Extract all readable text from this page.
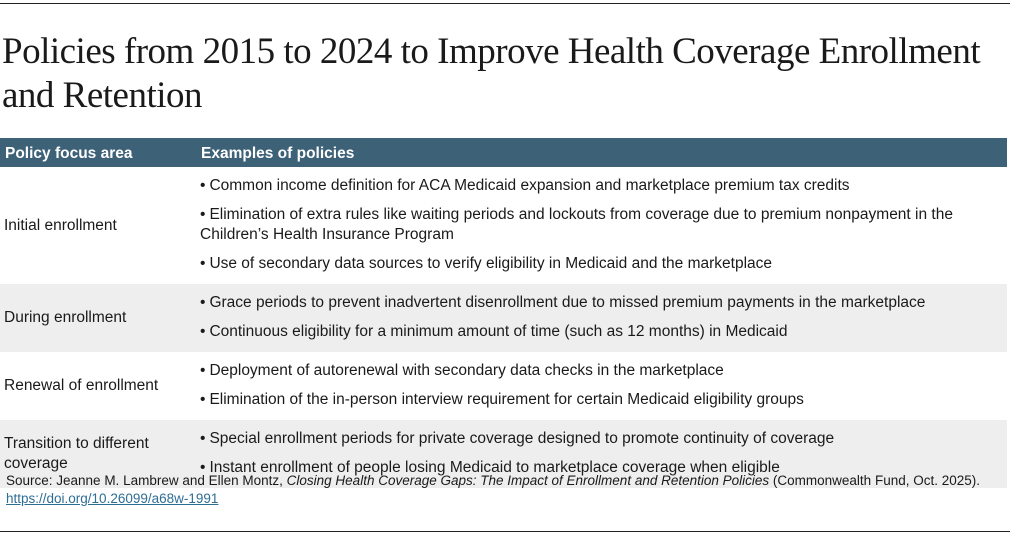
Policies from 2015 to 2024 to Improve Health Coverage Enrollment and Retention
Policy focus area	Examples of policies
Initial enrollment	• Common income definition for ACA Medicaid expansion and marketplace premium tax credits
• Elimination of extra rules like waiting periods and lockouts from coverage due to premium nonpayment in the Children’s Health Insurance Program
• Use of secondary data sources to verify eligibility in Medicaid and the marketplace

During enrollment	• Grace periods to prevent inadvertent disenrollment due to missed premium payments in the marketplace
• Continuous eligibility for a minimum amount of time (such as 12 months) in Medicaid

Renewal of enrollment	• Deployment of autorenewal with secondary data checks in the marketplace
• Elimination of the in-person interview requirement for certain Medicaid eligibility groups

Transition to different coverage	• Special enrollment periods for private coverage designed to promote continuity of coverage
• Instant enrollment of people losing Medicaid to marketplace coverage when eligible
Source: Jeanne M. Lambrew and Ellen Montz, Closing Health Coverage Gaps: The Impact of Enrollment and Retention Policies (Commonwealth Fund, Oct. 2025). https://doi.org/10.26099/a68w-1991
